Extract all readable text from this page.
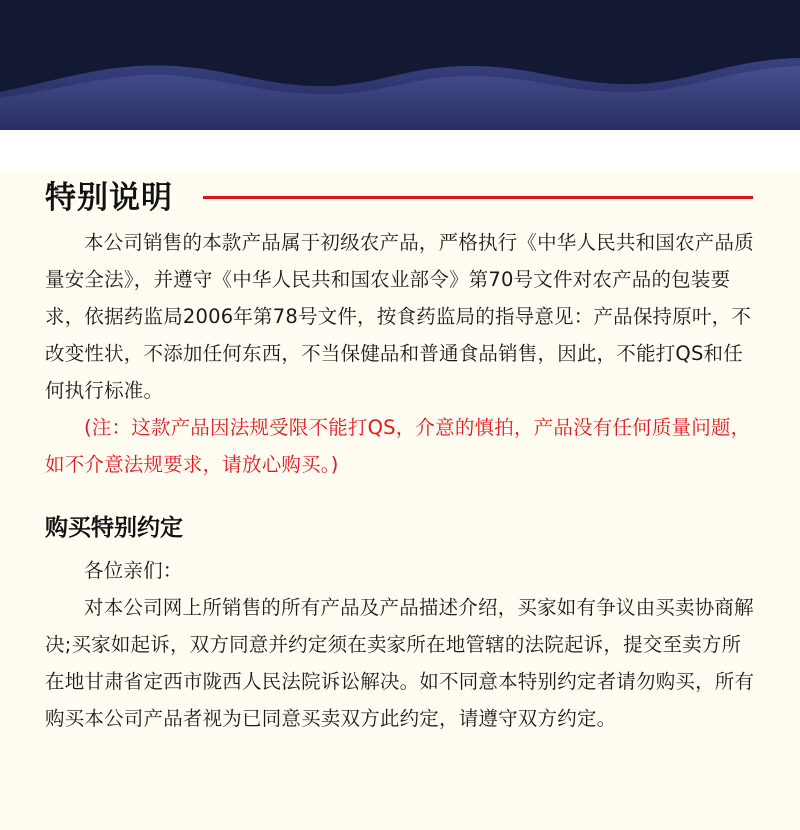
特别说明

本公司销售的本款产品属于初级农产品，严格执行《中华人民共和国农产品质量安全法》，并遵守《中华人民共和国农业部令》第70号文件对农产品的包装要求，依据药监局2006年第78号文件，按食药监局的指导意见：产品保持原叶，不改变性状，不添加任何东西，不当保健品和普通食品销售，因此，不能打QS和任何执行标准。

(注：这款产品因法规受限不能打QS，介意的慎拍，产品没有任何质量问题，如不介意法规要求，请放心购买。)

购买特别约定

各位亲们：

对本公司网上所销售的所有产品及产品描述介绍，买家如有争议由买卖协商解决;买家如起诉，双方同意并约定须在卖家所在地管辖的法院起诉，提交至卖方所在地甘肃省定西市陇西人民法院诉讼解决。如不同意本特别约定者请勿购买，所有购买本公司产品者视为已同意买卖双方此约定，请遵守双方约定。
